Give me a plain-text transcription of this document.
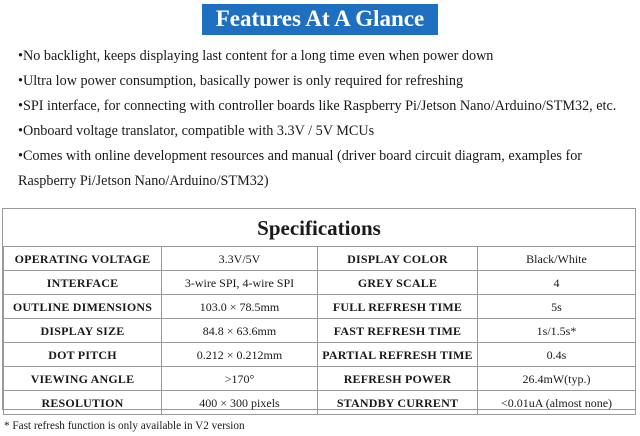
Features At A Glance
•No backlight, keeps displaying last content for a long time even when power down
•Ultra low power consumption, basically power is only required for refreshing
•SPI interface, for connecting with controller boards like Raspberry Pi/Jetson Nano/Arduino/STM32, etc.
•Onboard voltage translator, compatible with 3.3V / 5V MCUs
•Comes with online development resources and manual (driver board circuit diagram, examples for
Raspberry Pi/Jetson Nano/Arduino/STM32)
Specifications
OPERATING VOLTAGE	3.3V/5V	DISPLAY COLOR	Black/White
INTERFACE	3-wire SPI, 4-wire SPI	GREY SCALE	4
OUTLINE DIMENSIONS	103.0 × 78.5mm	FULL REFRESH TIME	5s
DISPLAY SIZE	84.8 × 63.6mm	FAST REFRESH TIME	1s/1.5s*
DOT PITCH	0.212 × 0.212mm	PARTIAL REFRESH TIME	0.4s
VIEWING ANGLE	>170°	REFRESH POWER	26.4mW(typ.)
RESOLUTION	400 × 300 pixels	STANDBY CURRENT	<0.01uA (almost none)
* Fast refresh function is only available in V2 version
